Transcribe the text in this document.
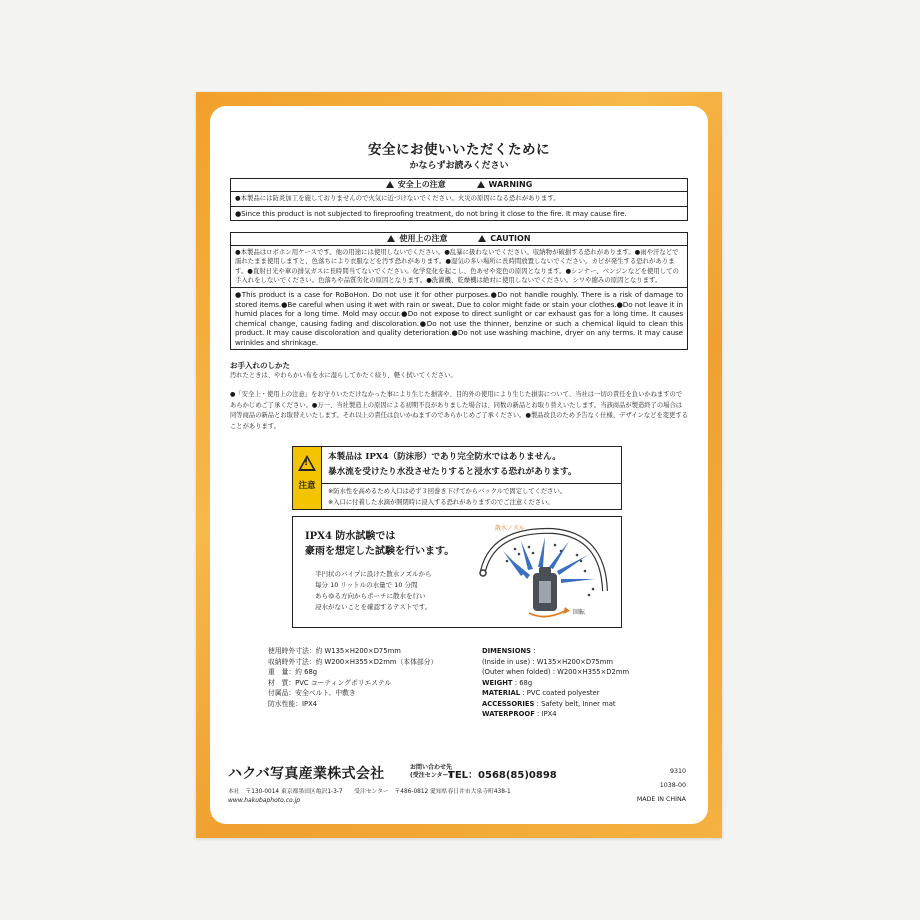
安全にお使いいただくために
かならずお読みください
安全上の注意	WARNING
●本製品には防炎加工を施しておりませんので火気に近づけないでください。火災の原因になる恐れがあります。
●Since this product is not subjected to fireproofing treatment, do not bring it close to the fire. It may cause fire.
使用上の注意	CAUTION
●本製品はロボホン用ケースです。他の用途には使用しないでください。●乱暴に扱わないでください。収納物が破損する恐れがあります。●雨や汗などで濡れたまま使用しますと、色落ちにより衣服などを汚す恐れがあります。●湿気の多い場所に長時間放置しないでください。カビが発生する恐れがあります。●直射日光や車の排気ガスに長時間当てないでください。化学変化を起こし、色あせや変色の原因となります。●シンナー、ベンジンなどを使用しての手入れをしないでください。色落ちや品質劣化の原因となります。●洗濯機、乾燥機は絶対に使用しないでください。シワや縮みの原因となります。
●This product is a case for RoBoHon. Do not use it for other purposes.●Do not handle roughly. There is a risk of damage to stored items.●Be careful when using it wet with rain or sweat. Due to color might fade or stain your clothes.●Do not leave it in humid places for a long time. Mold may occur.●Do not expose to direct sunlight or car exhaust gas for a long time. It causes chemical change, causing fading and discoloration.●Do not use the thinner, benzine or such a chemical liquid to clean this product. It may cause discoloration and quality deterioration.●Do not use washing machine, dryer on any terms. It may cause wrinkles and shrinkage.
お手入れのしかた
汚れたときは、やわらかい布を水に湿らしてかたく絞り、軽く拭いてください。
●「安全上・使用上の注意」をお守りいただけなかった事により生じた損害や、目的外の使用により生じた損害について、当社は一切の責任を負いかねますのであらかじめご了承ください。●万一、当社製造上の原因による初期不良がありました場合は、同数の新品とお取り替えいたします。当該商品が製造終了の場合は同等商品の新品とお取替えいたします。それ以上の責任は負いかねますのであらかじめご了承ください。●製品改良のため予告なく仕様、デザインなどを変更することがあります。
!
注意
本製品は IPX4（防沫形）であり完全防水ではありません。
暴水流を受けたり水没させたりすると浸水する恐れがあります。
※防水性を高めるため入口は必ず３回巻き下げてからバックルで固定してください。
※入口に付着した水滴が開閉時に浸入する恐れがありますのでご注意ください。
IPX4 防水試験では
豪雨を想定した試験を行います。
半円状のパイプに設けた散水ノズルから
毎分 10 リットルの水量で 10 分間
あらゆる方向からポーチに散水を行い
浸水がないことを確認するテストです。
回転
散水ノズル
使用時外寸法：約 W135×H200×D75mm
収納時外寸法：約 W200×H355×D2mm（本体部分）
重　量：約 68g
材　質：PVC コーティングポリエステル
付属品：安全ベルト、中敷き
防水性能：IPX4
DIMENSIONS :
(Inside in use) : W135×H200×D75mm
(Outer when folded) : W200×H355×D2mm
WEIGHT : 68g
MATERIAL : PVC coated polyester
ACCESSORIES : Safety belt, Inner mat
WATERPROOF : IPX4
ハクバ写真産業株式会社	お問い合わせ先
(受注センター)
TEL：0568(85)0898
本社　〒130-0014 東京都墨田区亀沢1-3-7　　受注センター　〒486-0812 愛知県春日井市大泉寺町438-1
www.hakubaphoto.co.jp
9310
1038-00
MADE IN CHINA
